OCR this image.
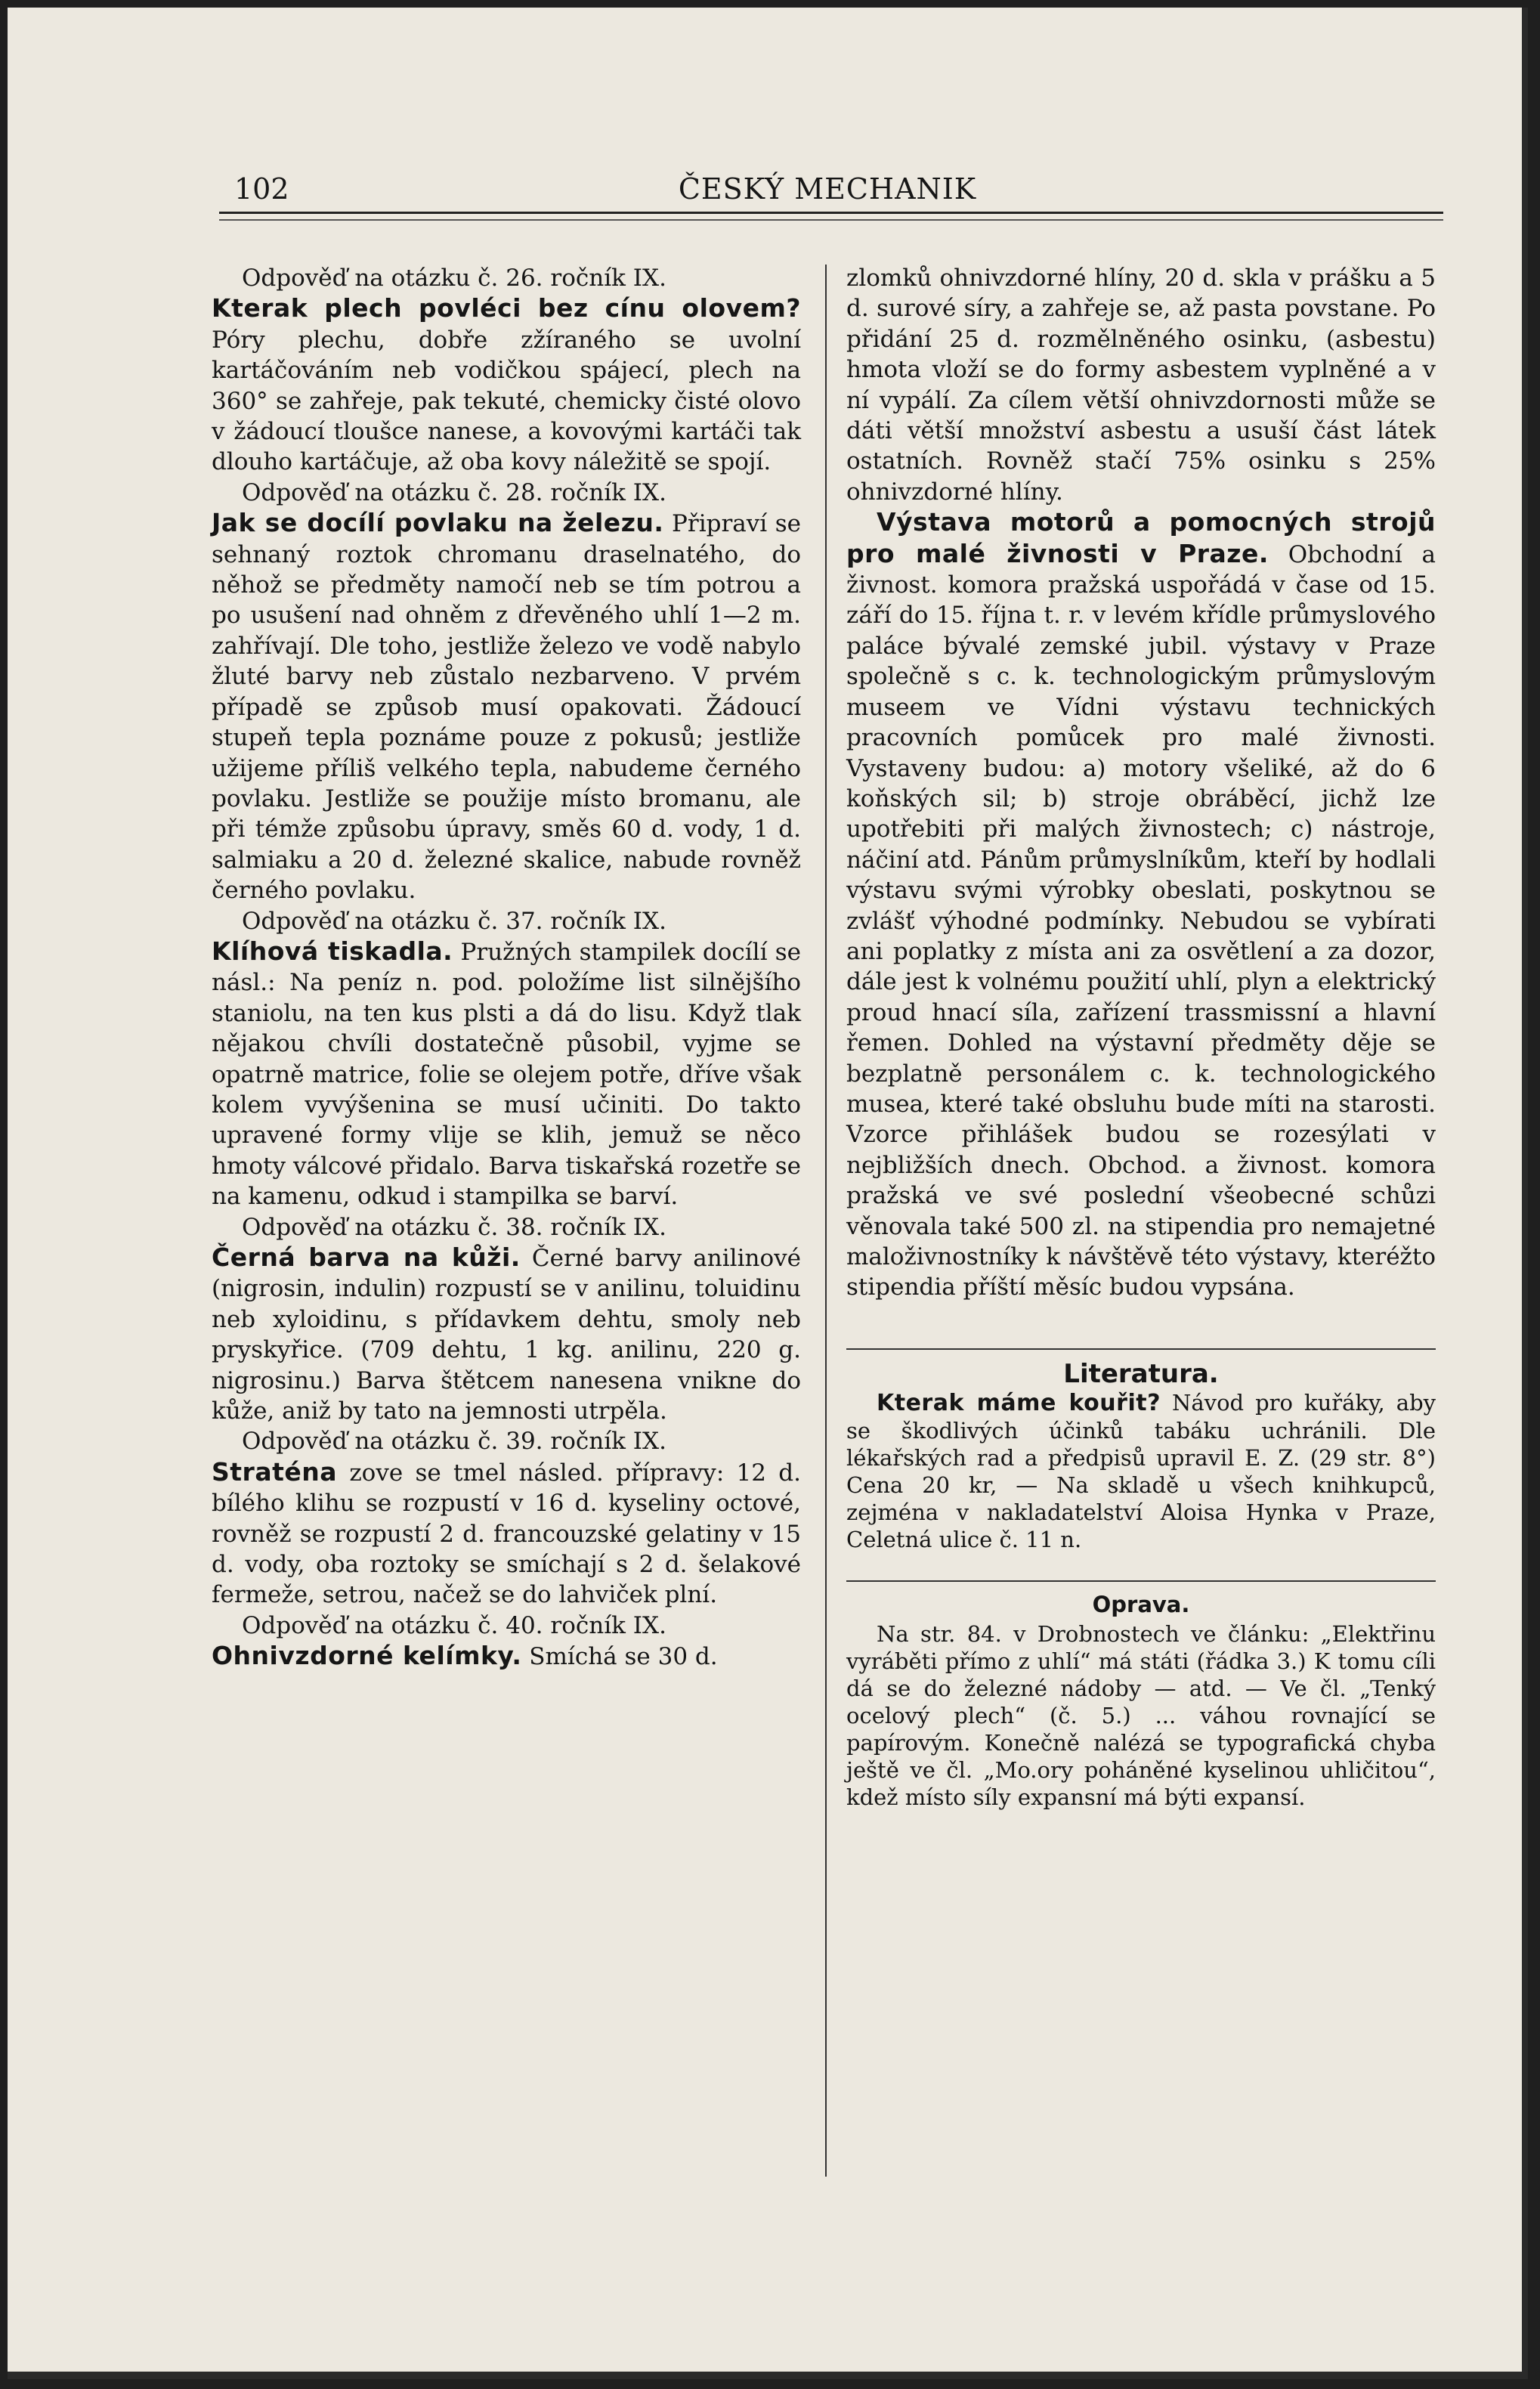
102	ČESKÝ MECHANIK

Odpověď na otázku č. 26. ročník IX.
Kterak plech povléci bez cínu olovem? Póry plechu, dobře zžíraného se uvolní kartáčováním neb vodičkou spájecí, plech na 360° se zahřeje, pak tekuté, chemicky čisté olovo v žádoucí tloušce nanese, a kovovými kartáči tak dlouho kartáčuje, až oba kovy náležitě se spojí.

Odpověď na otázku č. 28. ročník IX.
Jak se docílí povlaku na železu. Připraví se sehnaný roztok chromanu draselnatého, do něhož se předměty namočí neb se tím potrou a po usušení nad ohněm z dřevěného uhlí 1—2 m. zahřívají. Dle toho, jestliže železo ve vodě nabylo žluté barvy neb zůstalo nezbarveno. V prvém případě se způsob musí opakovati. Žádoucí stupeň tepla poznáme pouze z pokusů; jestliže užijeme příliš velkého tepla, nabudeme černého povlaku. Jestliže se použije místo bromanu, ale při témže způsobu úpravy, směs 60 d. vody, 1 d. salmiaku a 20 d. železné skalice, nabude rovněž černého povlaku.

Odpověď na otázku č. 37. ročník IX.
Klíhová tiskadla. Pružných stampilek docílí se násl.: Na peníz n. pod. položíme list silnějšího staniolu, na ten kus plsti a dá do lisu. Když tlak nějakou chvíli dostatečně působil, vyjme se opatrně matrice, folie se olejem potře, dříve však kolem vyvýšenina se musí učiniti. Do takto upravené formy vlije se klih, jemuž se něco hmoty válcové přidalo. Barva tiskařská rozetře se na kamenu, odkud i stampilka se barví.

Odpověď na otázku č. 38. ročník IX.
Černá barva na kůži. Černé barvy anilinové (nigrosin, indulin) rozpustí se v anilinu, toluidinu neb xyloidinu, s přídavkem dehtu, smoly neb pryskyřice. (709 dehtu, 1 kg. anilinu, 220 g. nigrosinu.) Barva štětcem nanesena vnikne do kůže, aniž by tato na jemnosti utrpěla.

Odpověď na otázku č. 39. ročník IX.
Straténa zove se tmel násled. přípravy: 12 d. bílého klihu se rozpustí v 16 d. kyseliny octové, rovněž se rozpustí 2 d. francouzské gelatiny v 15 d. vody, oba roztoky se smíchají s 2 d. šelakové fermeže, setrou, načež se do lahviček plní.

Odpověď na otázku č. 40. ročník IX.
Ohnivzdorné kelímky. Smíchá se 30 d.

zlomků ohnivzdorné hlíny, 20 d. skla v prášku a 5 d. surové síry, a zahřeje se, až pasta povstane. Po přidání 25 d. rozmělněného osinku, (asbestu) hmota vloží se do formy asbestem vyplněné a v ní vypálí. Za cílem větší ohnivzdornosti může se dáti větší množství asbestu a usuší část látek ostatních. Rovněž stačí 75% osinku s 25% ohnivzdorné hlíny.

Výstava motorů a pomocných strojů pro malé živnosti v Praze. Obchodní a živnost. komora pražská uspořádá v čase od 15. září do 15. října t. r. v levém křídle průmyslového paláce bývalé zemské jubil. výstavy v Praze společně s c. k. technologickým průmyslovým museem ve Vídni výstavu technických pracovních pomůcek pro malé živnosti. Vystaveny budou: a) motory všeliké, až do 6 koňských sil; b) stroje obráběcí, jichž lze upotřebiti při malých živnostech; c) nástroje, náčiní atd. Pánům průmyslníkům, kteří by hodlali výstavu svými výrobky obeslati, poskytnou se zvlášť výhodné podmínky. Nebudou se vybírati ani poplatky z místa ani za osvětlení a za dozor, dále jest k volnému použití uhlí, plyn a elektrický proud hnací síla, zařízení trassmissní a hlavní řemen. Dohled na výstavní předměty děje se bezplatně personálem c. k. technologického musea, které také obsluhu bude míti na starosti. Vzorce přihlášek budou se rozesýlati v nejbližších dnech. Obchod. a živnost. komora pražská ve své poslední všeobecné schůzi věnovala také 500 zl. na stipendia pro nemajetné maloživnostníky k návštěvě této výstavy, kteréžto stipendia příští měsíc budou vypsána.

Literatura.

Kterak máme kouřit? Návod pro kuřáky, aby se škodlivých účinků tabáku uchránili. Dle lékařských rad a předpisů upravil E. Z. (29 str. 8°) Cena 20 kr, — Na skladě u všech knihkupců, zejména v nakladatelství Aloisa Hynka v Praze, Celetná ulice č. 11 n.

Oprava.

Na str. 84. v Drobnostech ve článku: „Elektřinu vyráběti přímo z uhlí“ má státi (řádka 3.) K tomu cíli dá se do železné nádoby — atd. — Ve čl. „Tenký ocelový plech“ (č. 5.) ... váhou rovnající se papírovým. Konečně nalézá se typografická chyba ještě ve čl. „Mo.ory poháněné kyselinou uhličitou“, kdež místo síly expansní má býti expansí.
